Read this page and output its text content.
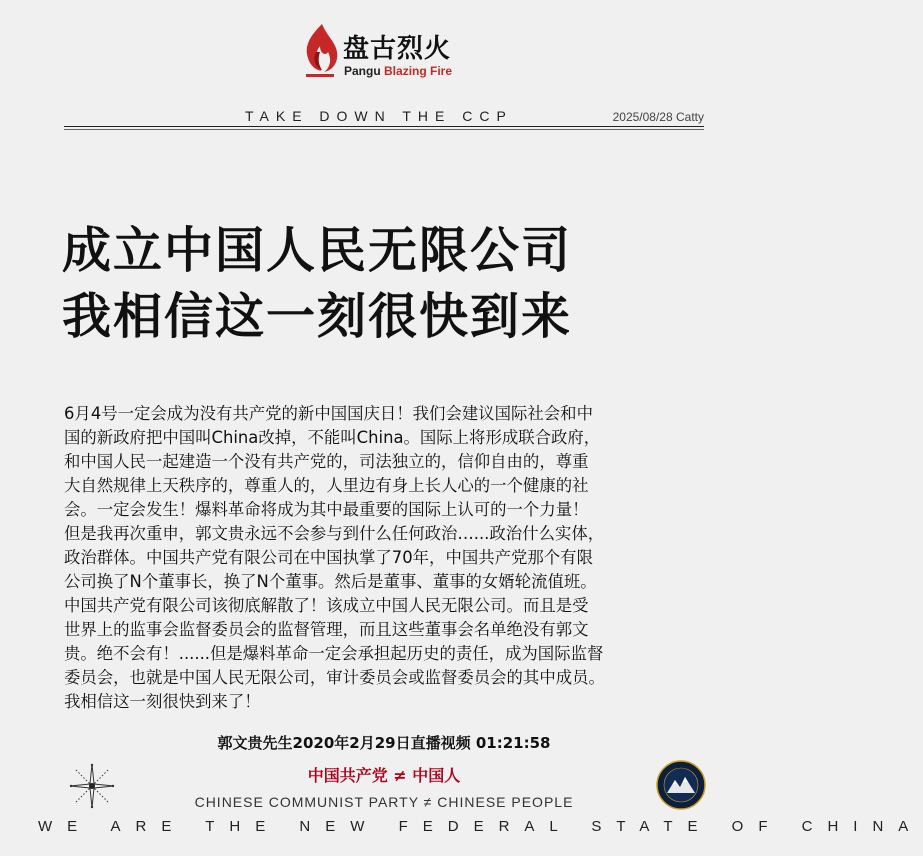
盘古烈火
Pangu Blazing Fire
TAKE DOWN THE CCP	2025/08/28 Catty
成立中国人民无限公司
我相信这一刻很快到来
6月4号一定会成为没有共产党的新中国国庆日！我们会建议国际社会和中
国的新政府把中国叫China改掉，不能叫China。国际上将形成联合政府，
和中国人民一起建造一个没有共产党的，司法独立的，信仰自由的，尊重
大自然规律上天秩序的，尊重人的，人里边有身上长人心的一个健康的社
会。一定会发生！爆料革命将成为其中最重要的国际上认可的一个力量！
但是我再次重申，郭文贵永远不会参与到什么任何政治…...政治什么实体，
政治群体。中国共产党有限公司在中国执掌了70年，中国共产党那个有限
公司换了N个董事长，换了N个董事。然后是董事、董事的女婿轮流值班。
中国共产党有限公司该彻底解散了！该成立中国人民无限公司。而且是受
世界上的监事会监督委员会的监督管理，而且这些董事会名单绝没有郭文
贵。绝不会有！......但是爆料革命一定会承担起历史的责任，成为国际监督
委员会，也就是中国人民无限公司，审计委员会或监督委员会的其中成员。
我相信这一刻很快到来了！
郭文贵先生2020年2月29日直播视频 01:21:58
中国共产党 ≠ 中国人
CHINESE COMMUNIST PARTY ≠ CHINESE PEOPLE
WE ARE THE NEW FEDERAL STATE OF CHINA
